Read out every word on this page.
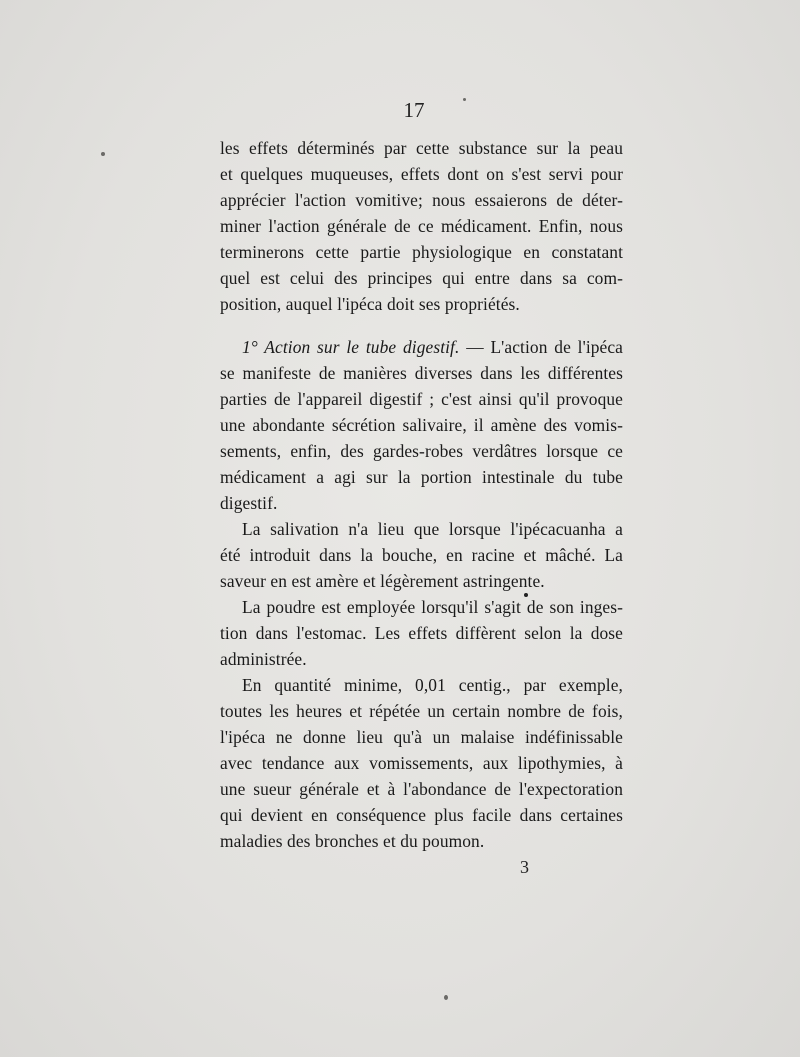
17
les effets déterminés par cette substance sur la peau
et quelques muqueuses, effets dont on s'est servi pour
apprécier l'action vomitive; nous essaierons de déter-
miner l'action générale de ce médicament. Enfin, nous
terminerons cette partie physiologique en constatant
quel est celui des principes qui entre dans sa com-
position, auquel l'ipéca doit ses propriétés.
1° Action sur le tube digestif. — L'action de l'ipéca
se manifeste de manières diverses dans les différentes
parties de l'appareil digestif ; c'est ainsi qu'il provoque
une abondante sécrétion salivaire, il amène des vomis-
sements, enfin, des gardes-robes verdâtres lorsque ce
médicament a agi sur la portion intestinale du tube
digestif.
La salivation n'a lieu que lorsque l'ipécacuanha a
été introduit dans la bouche, en racine et mâché. La
saveur en est amère et légèrement astringente.
La poudre est employée lorsqu'il s'agit de son inges-
tion dans l'estomac. Les effets diffèrent selon la dose
administrée.
En quantité minime, 0,01 centig., par exemple,
toutes les heures et répétée un certain nombre de fois,
l'ipéca ne donne lieu qu'à un malaise indéfinissable
avec tendance aux vomissements, aux lipothymies, à
une sueur générale et à l'abondance de l'expectoration
qui devient en conséquence plus facile dans certaines
maladies des bronches et du poumon.
3
